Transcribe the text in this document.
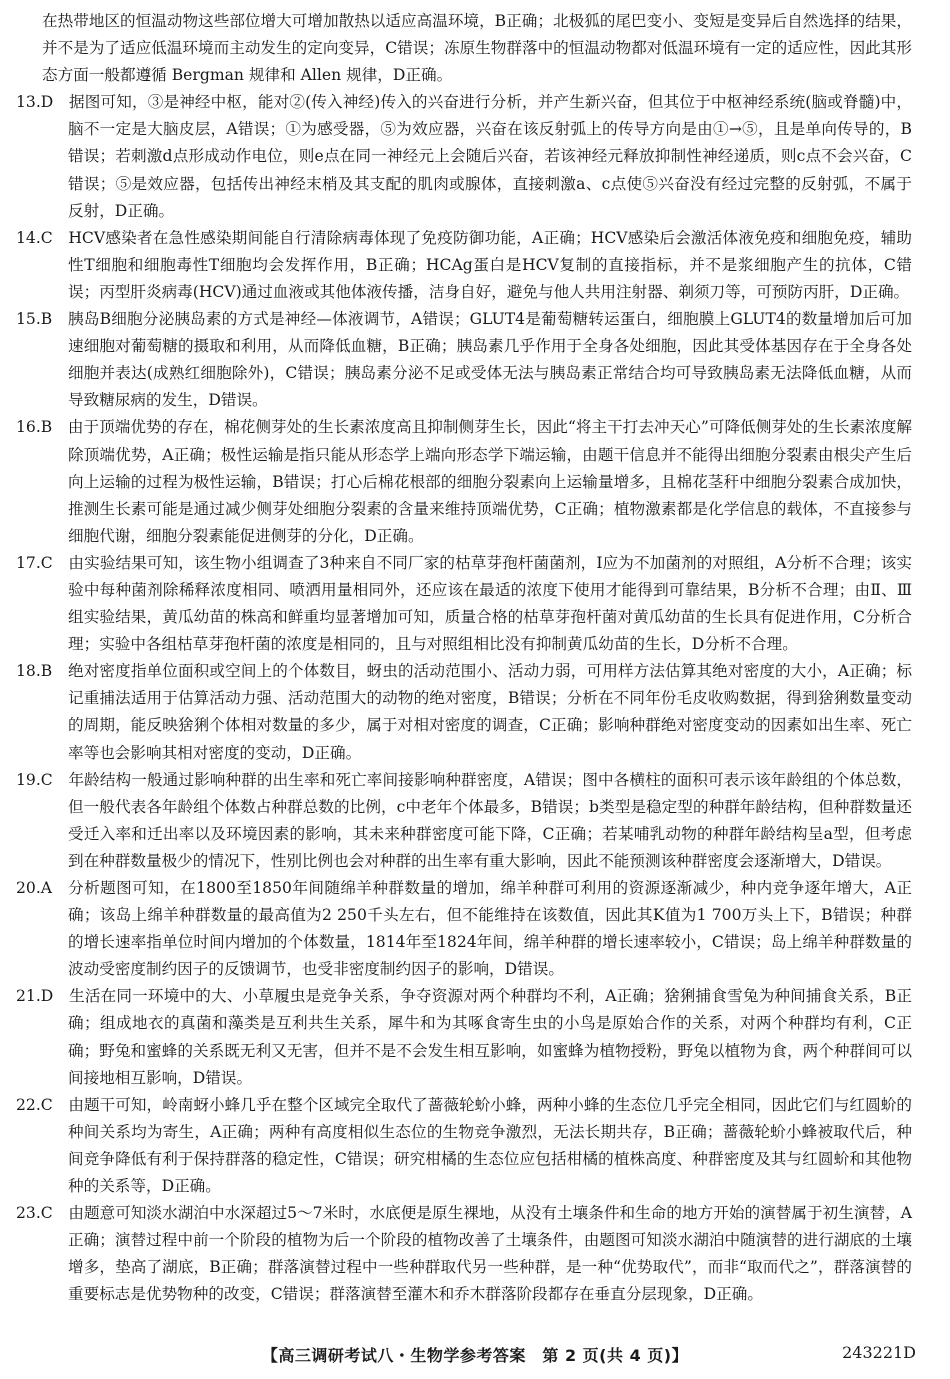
在热带地区的恒温动物这些部位增大可增加散热以适应高温环境，B正确；北极狐的尾巴变小、变短是变异后自然选择的结果，并不是为了适应低温环境而主动发生的定向变异，C错误；冻原生物群落中的恒温动物都对低温环境有一定的适应性，因此其形态方面一般都遵循 Bergman 规律和 Allen 规律，D正确。

13.D  据图可知，③是神经中枢，能对②(传入神经)传入的兴奋进行分析，并产生新兴奋，但其位于中枢神经系统(脑或脊髓)中，脑不一定是大脑皮层，A错误；①为感受器，⑤为效应器，兴奋在该反射弧上的传导方向是由①→⑤，且是单向传导的，B错误；若刺激d点形成动作电位，则e点在同一神经元上会随后兴奋，若该神经元释放抑制性神经递质，则c点不会兴奋，C错误；⑤是效应器，包括传出神经末梢及其支配的肌肉或腺体，直接刺激a、c点使⑤兴奋没有经过完整的反射弧，不属于反射，D正确。

14.C  HCV感染者在急性感染期间能自行清除病毒体现了免疫防御功能，A正确；HCV感染后会激活体液免疫和细胞免疫，辅助性T细胞和细胞毒性T细胞均会发挥作用，B正确；HCAg蛋白是HCV复制的直接指标，并不是浆细胞产生的抗体，C错误；丙型肝炎病毒(HCV)通过血液或其他体液传播，洁身自好，避免与他人共用注射器、剃须刀等，可预防丙肝，D正确。

15.B  胰岛B细胞分泌胰岛素的方式是神经—体液调节，A错误；GLUT4是葡萄糖转运蛋白，细胞膜上GLUT4的数量增加后可加速细胞对葡萄糖的摄取和利用，从而降低血糖，B正确；胰岛素几乎作用于全身各处细胞，因此其受体基因存在于全身各处细胞并表达(成熟红细胞除外)，C错误；胰岛素分泌不足或受体无法与胰岛素正常结合均可导致胰岛素无法降低血糖，从而导致糖尿病的发生，D错误。

16.B  由于顶端优势的存在，棉花侧芽处的生长素浓度高且抑制侧芽生长，因此“将主干打去冲天心”可降低侧芽处的生长素浓度解除顶端优势，A正确；极性运输是指只能从形态学上端向形态学下端运输，由题干信息并不能得出细胞分裂素由根尖产生后向上运输的过程为极性运输，B错误；打心后棉花根部的细胞分裂素向上运输量增多，且棉花茎秆中细胞分裂素合成加快，推测生长素可能是通过减少侧芽处细胞分裂素的含量来维持顶端优势，C正确；植物激素都是化学信息的载体，不直接参与细胞代谢，细胞分裂素能促进侧芽的分化，D正确。

17.C  由实验结果可知，该生物小组调查了3种来自不同厂家的枯草芽孢杆菌菌剂，Ⅰ应为不加菌剂的对照组，A分析不合理；该实验中每种菌剂除稀释浓度相同、喷洒用量相同外，还应该在最适的浓度下使用才能得到可靠结果，B分析不合理；由Ⅱ、Ⅲ组实验结果，黄瓜幼苗的株高和鲜重均显著增加可知，质量合格的枯草芽孢杆菌对黄瓜幼苗的生长具有促进作用，C分析合理；实验中各组枯草芽孢杆菌的浓度是相同的，且与对照组相比没有抑制黄瓜幼苗的生长，D分析不合理。

18.B  绝对密度指单位面积或空间上的个体数目，蚜虫的活动范围小、活动力弱，可用样方法估算其绝对密度的大小，A正确；标记重捕法适用于估算活动力强、活动范围大的动物的绝对密度，B错误；分析在不同年份毛皮收购数据，得到猞猁数量变动的周期，能反映猞猁个体相对数量的多少，属于对相对密度的调查，C正确；影响种群绝对密度变动的因素如出生率、死亡率等也会影响其相对密度的变动，D正确。

19.C  年龄结构一般通过影响种群的出生率和死亡率间接影响种群密度，A错误；图中各横柱的面积可表示该年龄组的个体总数，但一般代表各年龄组个体数占种群总数的比例，c中老年个体最多，B错误；b类型是稳定型的种群年龄结构，但种群数量还受迁入率和迁出率以及环境因素的影响，其未来种群密度可能下降，C正确；若某哺乳动物的种群年龄结构呈a型，但考虑到在种群数量极少的情况下，性别比例也会对种群的出生率有重大影响，因此不能预测该种群密度会逐渐增大，D错误。

20.A  分析题图可知，在1800至1850年间随绵羊种群数量的增加，绵羊种群可利用的资源逐渐减少，种内竞争逐年增大，A正确；该岛上绵羊种群数量的最高值为2 250千头左右，但不能维持在该数值，因此其K值为1 700万头上下，B错误；种群的增长速率指单位时间内增加的个体数量，1814年至1824年间，绵羊种群的增长速率较小，C错误；岛上绵羊种群数量的波动受密度制约因子的反馈调节，也受非密度制约因子的影响，D错误。

21.D  生活在同一环境中的大、小草履虫是竞争关系，争夺资源对两个种群均不利，A正确；猞猁捕食雪兔为种间捕食关系，B正确；组成地衣的真菌和藻类是互利共生关系，犀牛和为其啄食寄生虫的小鸟是原始合作的关系，对两个种群均有利，C正确；野兔和蜜蜂的关系既无利又无害，但并不是不会发生相互影响，如蜜蜂为植物授粉，野兔以植物为食，两个种群间可以间接地相互影响，D错误。

22.C  由题干可知，岭南蚜小蜂几乎在整个区域完全取代了蔷薇轮蚧小蜂，两种小蜂的生态位几乎完全相同，因此它们与红圆蚧的种间关系均为寄生，A正确；两种有高度相似生态位的生物竞争激烈，无法长期共存，B正确；蔷薇轮蚧小蜂被取代后，种间竞争降低有利于保持群落的稳定性，C错误；研究柑橘的生态位应包括柑橘的植株高度、种群密度及其与红圆蚧和其他物种的关系等，D正确。

23.C  由题意可知淡水湖泊中水深超过5～7米时，水底便是原生裸地，从没有土壤条件和生命的地方开始的演替属于初生演替，A正确；演替过程中前一个阶段的植物为后一个阶段的植物改善了土壤条件，由题图可知淡水湖泊中随演替的进行湖底的土壤增多，垫高了湖底，B正确；群落演替过程中一些种群取代另一些种群，是一种“优势取代”，而非“取而代之”，群落演替的重要标志是优势物种的改变，C错误；群落演替至灌木和乔木群落阶段都存在垂直分层现象，D正确。

【高三调研考试八・生物学参考答案　第 2 页(共 4 页)】	243221D
